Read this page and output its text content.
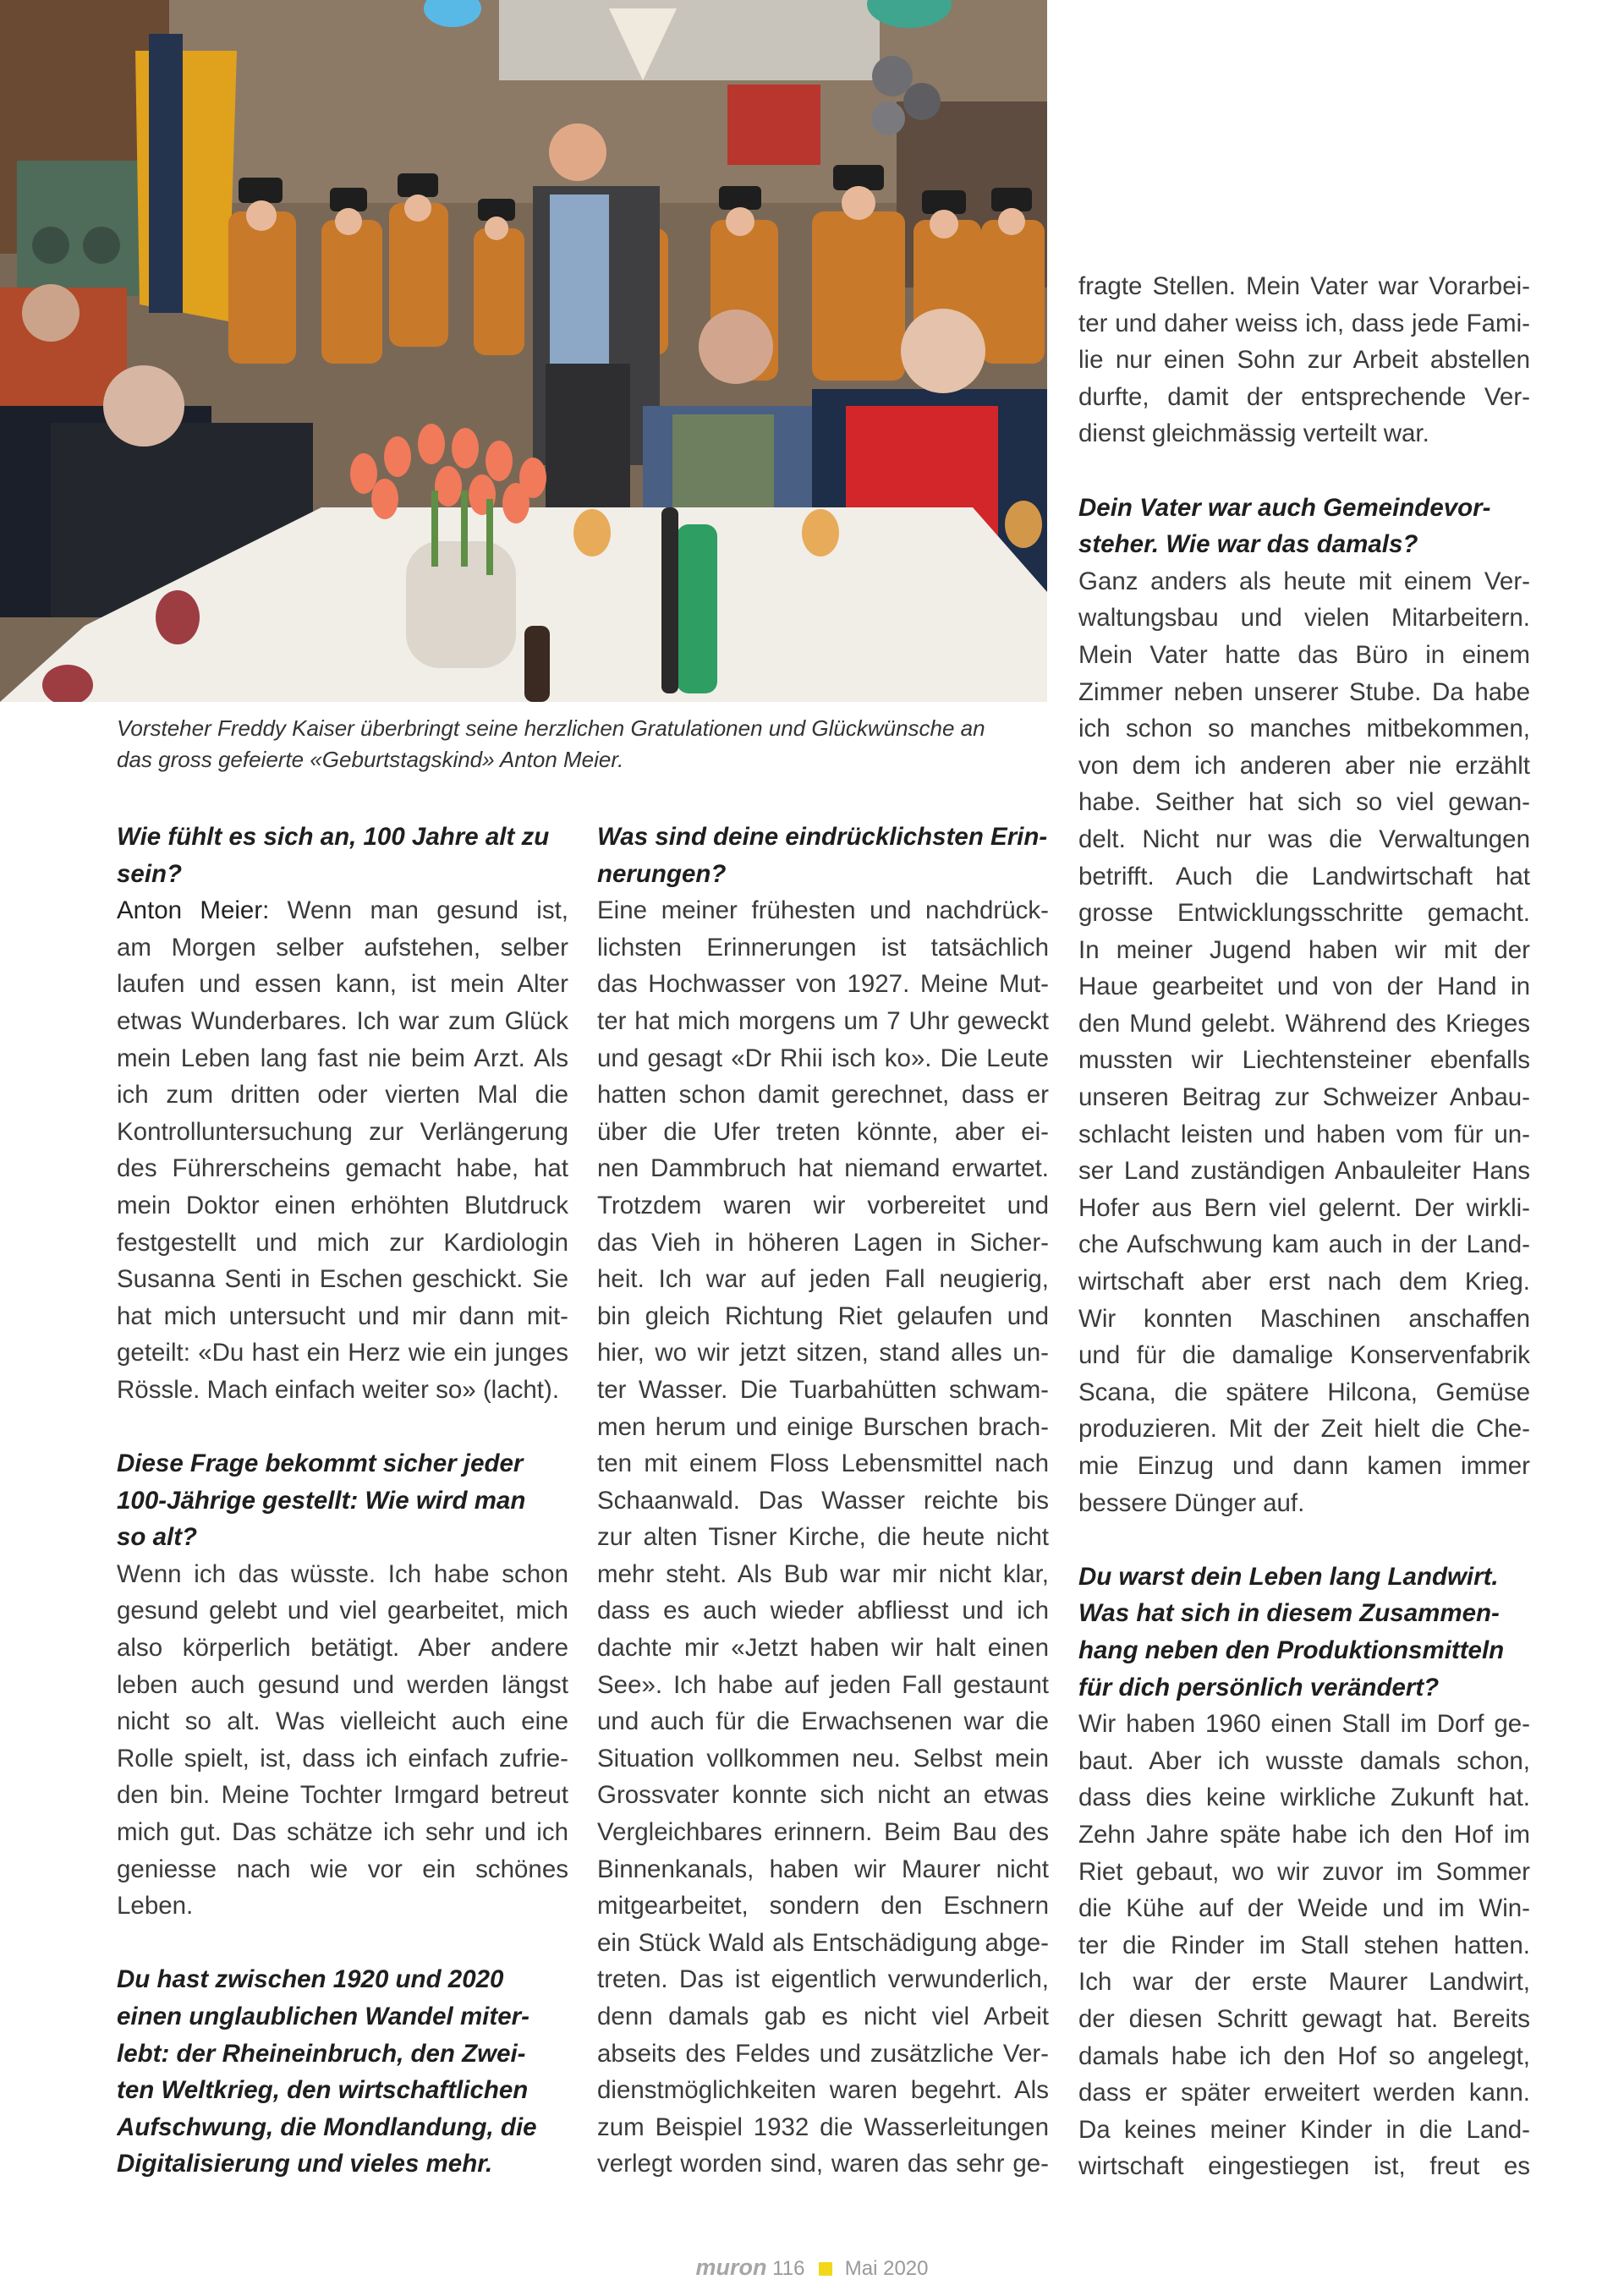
Vorsteher Freddy Kaiser überbringt seine herzlichen Gratulationen und Glückwünsche an
das gross gefeierte «Geburtstagskind» Anton Meier.
Wie fühlt es sich an, 100 Jahre alt zu
sein?
Anton Meier: Wenn man gesund ist,
am Morgen selber aufstehen, selber
laufen und essen kann, ist mein Alter
etwas Wunderbares. Ich war zum Glück
mein Leben lang fast nie beim Arzt. Als
ich zum dritten oder vierten Mal die
Kontrolluntersuchung zur Verlängerung
des Führerscheins gemacht habe, hat
mein Doktor einen erhöhten Blutdruck
festgestellt und mich zur Kardiologin
Susanna Senti in Eschen geschickt. Sie
hat mich untersucht und mir dann mit-
geteilt: «Du hast ein Herz wie ein junges
Rössle. Mach einfach weiter so» (lacht).
Diese Frage bekommt sicher jeder
100-Jährige gestellt: Wie wird man
so alt?
Wenn ich das wüsste. Ich habe schon
gesund gelebt und viel gearbeitet, mich
also körperlich betätigt. Aber andere
leben auch gesund und werden längst
nicht so alt. Was vielleicht auch eine
Rolle spielt, ist, dass ich einfach zufrie-
den bin. Meine Tochter Irmgard betreut
mich gut. Das schätze ich sehr und ich
geniesse nach wie vor ein schönes
Leben.
Du hast zwischen 1920 und 2020
einen unglaublichen Wandel miter-
lebt: der Rheineinbruch, den Zwei-
ten Weltkrieg, den wirtschaftlichen
Aufschwung, die Mondlandung, die
Digitalisierung und vieles mehr.
Was sind deine eindrücklichsten Erin-
nerungen?
Eine meiner frühesten und nachdrück-
lichsten Erinnerungen ist tatsächlich
das Hochwasser von 1927. Meine Mut-
ter hat mich morgens um 7 Uhr geweckt
und gesagt «Dr Rhii isch ko». Die Leute
hatten schon damit gerechnet, dass er
über die Ufer treten könnte, aber ei-
nen Dammbruch hat niemand erwartet.
Trotzdem waren wir vorbereitet und
das Vieh in höheren Lagen in Sicher-
heit. Ich war auf jeden Fall neugierig,
bin gleich Richtung Riet gelaufen und
hier, wo wir jetzt sitzen, stand alles un-
ter Wasser. Die Tuarbahütten schwam-
men herum und einige Burschen brach-
ten mit einem Floss Lebensmittel nach
Schaanwald. Das Wasser reichte bis
zur alten Tisner Kirche, die heute nicht
mehr steht. Als Bub war mir nicht klar,
dass es auch wieder abfliesst und ich
dachte mir «Jetzt haben wir halt einen
See». Ich habe auf jeden Fall gestaunt
und auch für die Erwachsenen war die
Situation vollkommen neu. Selbst mein
Grossvater konnte sich nicht an etwas
Vergleichbares erinnern. Beim Bau des
Binnenkanals, haben wir Maurer nicht
mitgearbeitet, sondern den Eschnern
ein Stück Wald als Entschädigung abge-
treten. Das ist eigentlich verwunderlich,
denn damals gab es nicht viel Arbeit
abseits des Feldes und zusätzliche Ver-
dienstmöglichkeiten waren begehrt. Als
zum Beispiel 1932 die Wasserleitungen
verlegt worden sind, waren das sehr ge-
fragte Stellen. Mein Vater war Vorarbei-
ter und daher weiss ich, dass jede Fami-
lie nur einen Sohn zur Arbeit abstellen
durfte, damit der entsprechende Ver-
dienst gleichmässig verteilt war.
Dein Vater war auch Gemeindevor-
steher. Wie war das damals?
Ganz anders als heute mit einem Ver-
waltungsbau und vielen Mitarbeitern.
Mein Vater hatte das Büro in einem
Zimmer neben unserer Stube. Da habe
ich schon so manches mitbekommen,
von dem ich anderen aber nie erzählt
habe. Seither hat sich so viel gewan-
delt. Nicht nur was die Verwaltungen
betrifft. Auch die Landwirtschaft hat
grosse Entwicklungsschritte gemacht.
In meiner Jugend haben wir mit der
Haue gearbeitet und von der Hand in
den Mund gelebt. Während des Krieges
mussten wir Liechtensteiner ebenfalls
unseren Beitrag zur Schweizer Anbau-
schlacht leisten und haben vom für un-
ser Land zuständigen Anbauleiter Hans
Hofer aus Bern viel gelernt. Der wirkli-
che Aufschwung kam auch in der Land-
wirtschaft aber erst nach dem Krieg.
Wir konnten Maschinen anschaffen
und für die damalige Konservenfabrik
Scana, die spätere Hilcona, Gemüse
produzieren. Mit der Zeit hielt die Che-
mie Einzug und dann kamen immer
bessere Dünger auf.
Du warst dein Leben lang Landwirt.
Was hat sich in diesem Zusammen-
hang neben den Produktionsmitteln
für dich persönlich verändert?
Wir haben 1960 einen Stall im Dorf ge-
baut. Aber ich wusste damals schon,
dass dies keine wirkliche Zukunft hat.
Zehn Jahre späte habe ich den Hof im
Riet gebaut, wo wir zuvor im Sommer
die Kühe auf der Weide und im Win-
ter die Rinder im Stall stehen hatten.
Ich war der erste Maurer Landwirt,
der diesen Schritt gewagt hat. Bereits
damals habe ich den Hof so angelegt,
dass er später erweitert werden kann.
Da keines meiner Kinder in die Land-
wirtschaft eingestiegen ist, freut es
muron 116 Mai 2020
